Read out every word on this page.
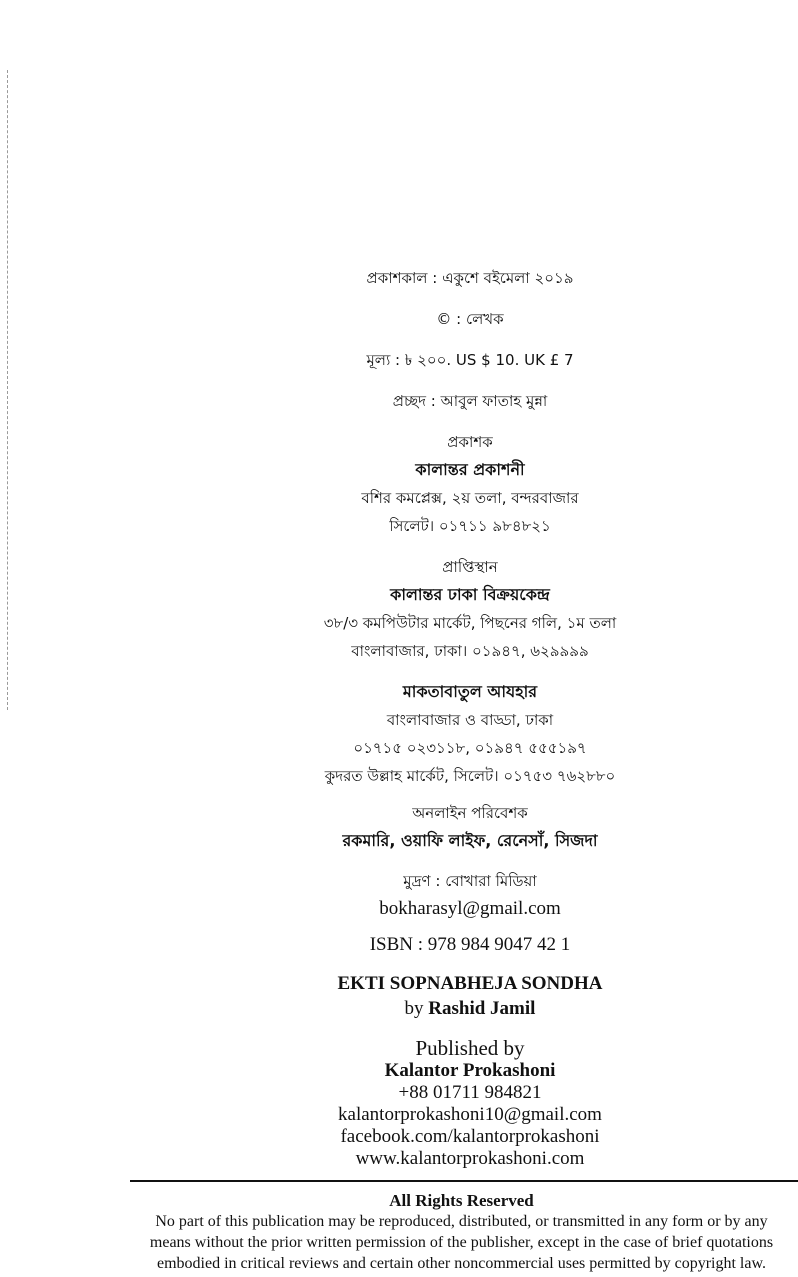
প্রকাশকাল : একুশে বইমেলা ২০১৯
© : লেখক
মূল্য : ৳ ২০০. US $ 10. UK £ 7
প্রচ্ছদ : আবুল ফাতাহ মুন্না
প্রকাশক
কালান্তর প্রকাশনী
বশির কমপ্লেক্স, ২য় তলা, বন্দরবাজার
সিলেট। ০১৭১১ ৯৮৪৮২১
প্রাপ্তিস্থান
কালান্তর ঢাকা বিক্রয়কেন্দ্র
৩৮/৩ কমপিউটার মার্কেট, পিছনের গলি, ১ম তলা
বাংলাবাজার, ঢাকা। ০১৯৪৭, ৬২৯৯৯৯
মাকতাবাতুল আযহার
বাংলাবাজার ও বাড্ডা, ঢাকা
০১৭১৫ ০২৩১১৮, ০১৯৪৭ ৫৫৫১৯৭
কুদরত উল্লাহ মার্কেট, সিলেট। ০১৭৫৩ ৭৬২৮৮০
অনলাইন পরিবেশক
রকমারি, ওয়াফি লাইফ, রেনেসাঁ, সিজদা
মুদ্রণ : বোখারা মিডিয়া
bokharasyl@gmail.com
ISBN : 978 984 9047 42 1
EKTI SOPNABHEJA SONDHA
by Rashid Jamil
Published by
Kalantor Prokashoni
+88 01711 984821
kalantorprokashoni10@gmail.com
facebook.com/kalantorprokashoni
www.kalantorprokashoni.com
All Rights Reserved
No part of this publication may be reproduced, distributed, or transmitted in any form or by any
means without the prior written permission of the publisher, except in the case of brief quotations
embodied in critical reviews and certain other noncommercial uses permitted by copyright law.
